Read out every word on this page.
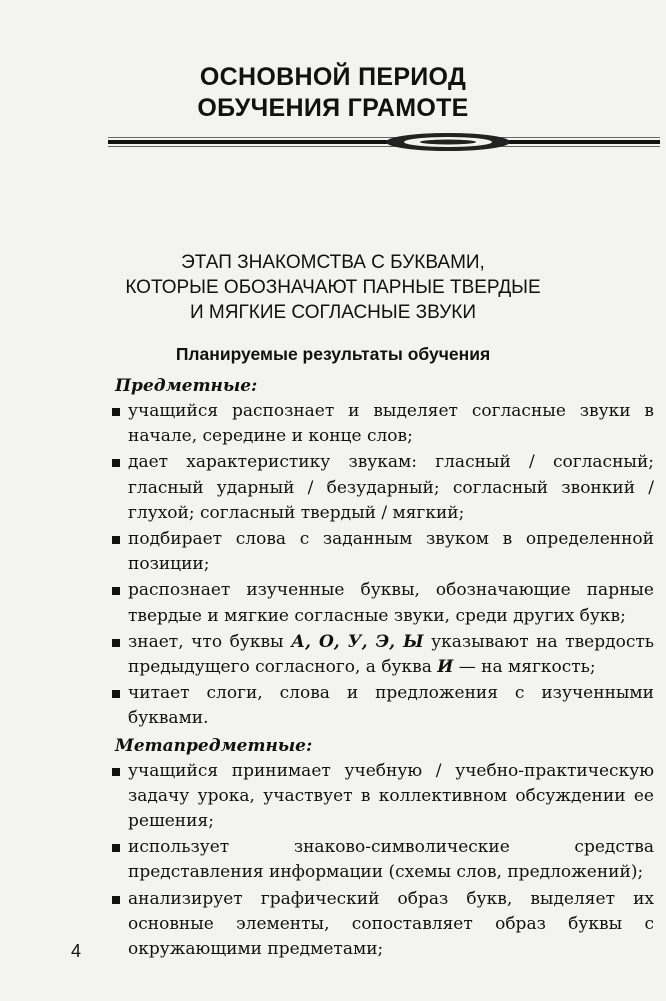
ОСНОВНОЙ ПЕРИОД
ОБУЧЕНИЯ ГРАМОТЕ
ЭТАП ЗНАКОМСТВА С БУКВАМИ,
КОТОРЫЕ ОБОЗНАЧАЮТ ПАРНЫЕ ТВЕРДЫЕ
И МЯГКИЕ СОГЛАСНЫЕ ЗВУКИ
Планируемые результаты обучения
Предметные:
учащийся распознает и выделяет согласные звуки в начале, середине и конце слов;
дает характеристику звукам: гласный / согласный; гласный ударный / безударный; согласный звонкий / глухой; согласный твердый / мягкий;
подбирает слова с заданным звуком в определенной позиции;
распознает изученные буквы, обозначающие парные твердые и мягкие согласные звуки, среди других букв;
знает, что буквы А, О, У, Э, Ы указывают на твердость предыдущего согласного, а буква И — на мягкость;
читает слоги, слова и предложения с изученными буквами.
Метапредметные:
учащийся принимает учебную / учебно-практическую задачу урока, участвует в коллективном обсуждении ее решения;
использует знаково-символические средства представления информации (схемы слов, предложений);
анализирует графический образ букв, выделяет их основные элементы, сопоставляет образ буквы с окружающими предметами;
4
